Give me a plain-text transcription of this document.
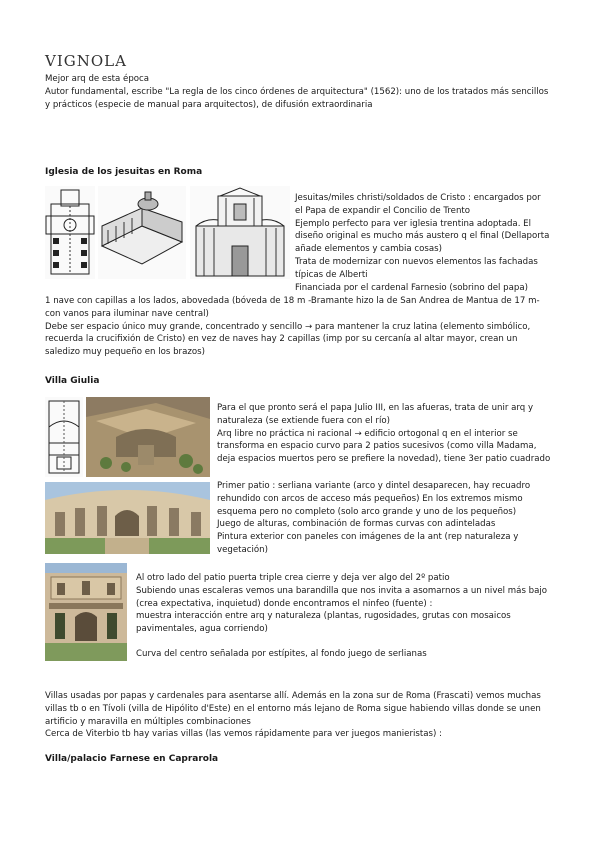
VIGNOLA
Mejor arq de esta época
Autor fundamental, escribe "La regla de los cinco órdenes de arquitectura" (1562): uno de los tratados más sencillos
y prácticos (especie de manual para arquitectos), de difusión extraordinaria
Iglesia de los jesuitas en Roma
Jesuitas/miles christi/soldados de Cristo : encargados por
el Papa de expandir el Concilio de Trento
Ejemplo perfecto para ver iglesia trentina adoptada. El
diseño original es mucho más austero q el final (Dellaporta
añade elementos y cambia cosas)
Trata de modernizar con nuevos elementos las fachadas
típicas de Alberti
Financiada por el cardenal Farnesio (sobrino del papa)
1 nave con capillas a los lados, abovedada (bóveda de 18 m -Bramante hizo la de San Andrea de Mantua de 17 m-
con vanos para iluminar nave central)
Debe ser espacio único muy grande, concentrado y sencillo → para mantener la cruz latina (elemento simbólico,
recuerda la crucifixión de Cristo) en vez de naves hay 2 capillas (imp por su cercanía al altar mayor, crean un
saledizo muy pequeño en los brazos)
Villa Giulia
Para el que pronto será el papa Julio III, en las afueras, trata de unir arq y
naturaleza (se extiende fuera con el río)
Arq libre no práctica ni racional → edificio ortogonal q en el interior se
transforma en espacio curvo para 2 patios sucesivos (como villa Madama,
deja espacios muertos pero se prefiere la novedad), tiene 3er patio cuadrado
Primer patio : serliana variante (arco y dintel desaparecen, hay recuadro
rehundido con arcos de acceso más pequeños) En los extremos mismo
esquema pero no completo (solo arco grande y uno de los pequeños)
Juego de alturas, combinación de formas curvas con adinteladas
Pintura exterior con paneles con imágenes de la ant (rep naturaleza y
vegetación)
Al otro lado del patio puerta triple crea cierre y deja ver algo del 2º patio
Subiendo unas escaleras vemos una barandilla que nos invita a asomarnos a un nivel más bajo
(crea expectativa, inquietud) donde encontramos el ninfeo (fuente) :
muestra interacción entre arq y naturaleza (plantas, rugosidades, grutas con mosaicos
pavimentales, agua corriendo)
Curva del centro señalada por estípites, al fondo juego de serlianas
Villas usadas por papas y cardenales para asentarse allí. Además en la zona sur de Roma (Frascati) vemos muchas
villas tb o en Tívoli (villa de Hipólito d'Este) en el entorno más lejano de Roma sigue habiendo villas donde se unen
artificio y maravilla en múltiples combinaciones
Cerca de Viterbio tb hay varias villas (las vemos rápidamente para ver juegos manieristas) :
Villa/palacio Farnese en Caprarola
